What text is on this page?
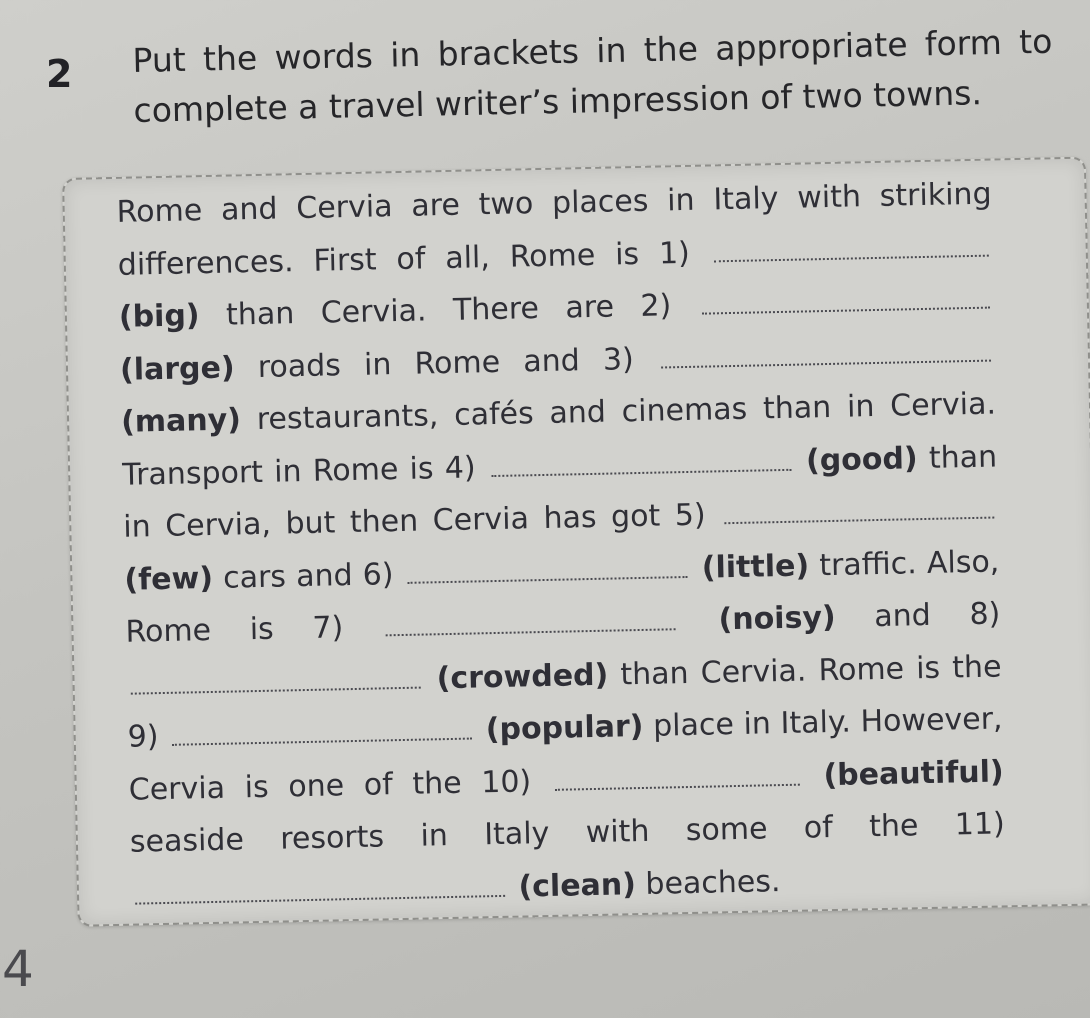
2 Put the words in brackets in the appropriate form to complete a travel writer’s impression of two towns.

Rome and Cervia are two places in Italy with striking differences. First of all, Rome is 1)  (big) than Cervia. There are 2)  (large) roads in Rome and 3)  (many) restaurants, cafés and cinemas than in Cervia. Transport in Rome is 4)	(good) than in Cervia, but then Cervia has got 5)  (few) cars and 6)	(little) traffic. Also, Rome is 7)	(noisy) and 8)  (crowded) than Cervia. Rome is the 9)	(popular) place in Italy. However, Cervia is one of the 10)	(beautiful) seaside resorts in Italy with some of the 11)  (clean) beaches.

4
